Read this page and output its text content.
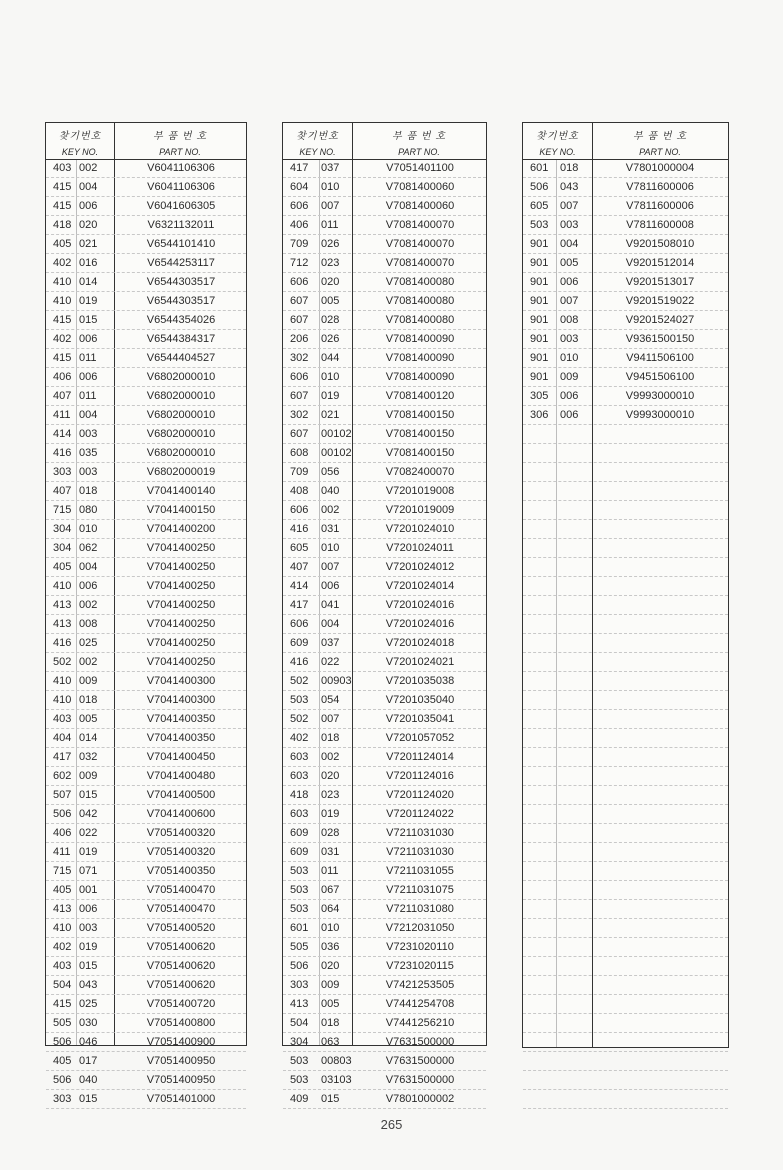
찾기번호
KEY NO.
부 품 번 호
PART NO.
403 002	V6041106306
415 004	V6041106306
415 006	V6041606305
418 020	V6321132011
405 021	V6544101410
402 016	V6544253117
410 014	V6544303517
410 019	V6544303517
415 015	V6544354026
402 006	V6544384317
415 011	V6544404527
406 006	V6802000010
407 011	V6802000010
411 004	V6802000010
414 003	V6802000010
416 035	V6802000010
303 003	V6802000019
407 018	V7041400140
715 080	V7041400150
304 010	V7041400200
304 062	V7041400250
405 004	V7041400250
410 006	V7041400250
413 002	V7041400250
413 008	V7041400250
416 025	V7041400250
502 002	V7041400250
410 009	V7041400300
410 018	V7041400300
403 005	V7041400350
404 014	V7041400350
417 032	V7041400450
602 009	V7041400480
507 015	V7041400500
506 042	V7041400600
406 022	V7051400320
411 019	V7051400320
715 071	V7051400350
405 001	V7051400470
413 006	V7051400470
410 003	V7051400520
402 019	V7051400620
403 015	V7051400620
504 043	V7051400620
415 025	V7051400720
505 030	V7051400800
506 046	V7051400900
405 017	V7051400950
506 040	V7051400950
303 015	V7051401000
찾기번호
KEY NO.
부 품 번 호
PART NO.
417 037	V7051401100
604 010	V7081400060
606 007	V7081400060
406 011	V7081400070
709 026	V7081400070
712 023	V7081400070
606 020	V7081400080
607 005	V7081400080
607 028	V7081400080
206 026	V7081400090
302 044	V7081400090
606 010	V7081400090
607 019	V7081400120
302 021	V7081400150
607 00102	V7081400150
608 00102	V7081400150
709 056	V7082400070
408 040	V7201019008
606 002	V7201019009
416 031	V7201024010
605 010	V7201024011
407 007	V7201024012
414 006	V7201024014
417 041	V7201024016
606 004	V7201024016
609 037	V7201024018
416 022	V7201024021
502 00903	V7201035038
503 054	V7201035040
502 007	V7201035041
402 018	V7201057052
603 002	V7201124014
603 020	V7201124016
418 023	V7201124020
603 019	V7201124022
609 028	V7211031030
609 031	V7211031030
503 011	V7211031055
503 067	V7211031075
503 064	V7211031080
601 010	V7212031050
505 036	V7231020110
506 020	V7231020115
303 009	V7421253505
413 005	V7441254708
504 018	V7441256210
304 063	V7631500000
503 00803	V7631500000
503 03103	V7631500000
409 015	V7801000002
찾기번호
KEY NO.
부 품 번 호
PART NO.
601 018	V7801000004
506 043	V7811600006
605 007	V7811600006
503 003	V7811600008
901 004	V9201508010
901 005	V9201512014
901 006	V9201513017
901 007	V9201519022
901 008	V9201524027
901 003	V9361500150
901 010	V9411506100
901 009	V9451506100
305 006	V9993000010
306 006	V9993000010
265
